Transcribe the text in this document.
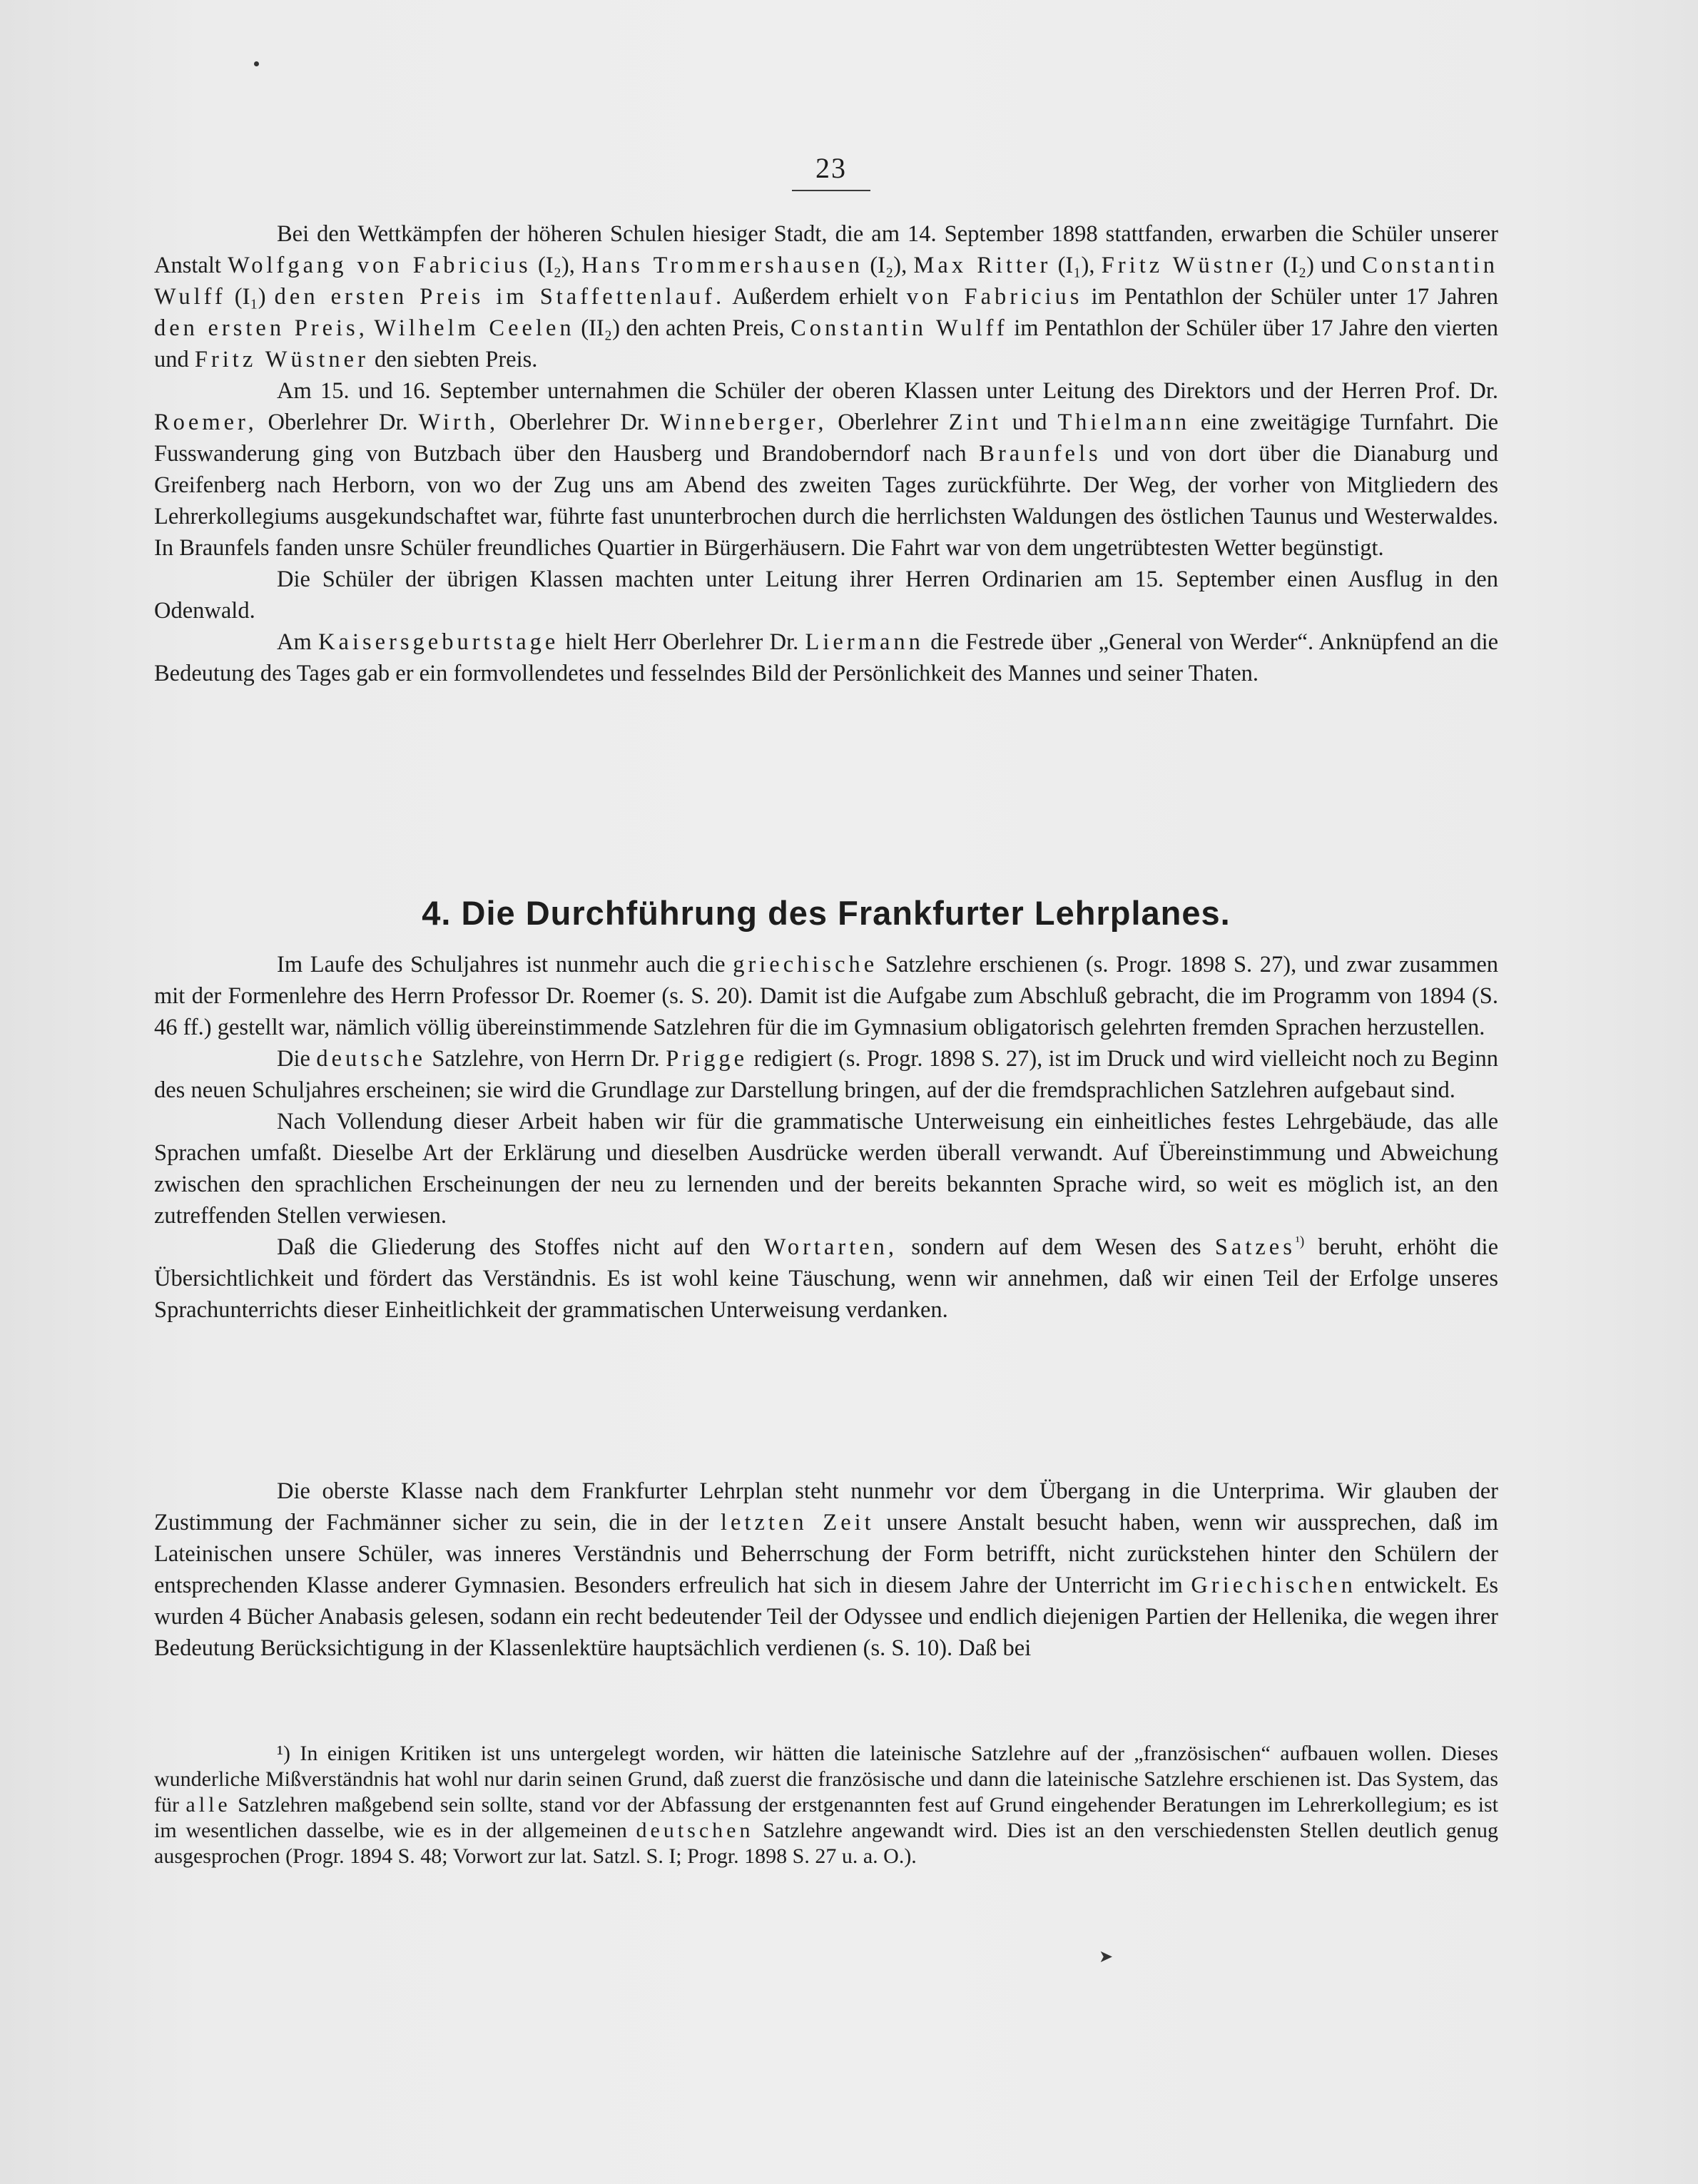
23

Bei den Wettkämpfen der höheren Schulen hiesiger Stadt, die am 14. September 1898 stattfanden, erwarben die Schüler unserer Anstalt Wolfgang von Fabricius (I₂), Hans Trommershausen (I₂), Max Ritter (I₁), Fritz Wüstner (I₂) und Constantin Wulff (I₁) den ersten Preis im Staffettenlauf. Außerdem erhielt von Fabricius im Pentathlon der Schüler unter 17 Jahren den ersten Preis, Wilhelm Ceelen (II₂) den achten Preis, Constantin Wulff im Pentathlon der Schüler über 17 Jahre den vierten und Fritz Wüstner den siebten Preis.

Am 15. und 16. September unternahmen die Schüler der oberen Klassen unter Leitung des Direktors und der Herren Prof. Dr. Roemer, Oberlehrer Dr. Wirth, Oberlehrer Dr. Winneberger, Oberlehrer Zint und Thielmann eine zweitägige Turnfahrt. Die Fusswanderung ging von Butzbach über den Hausberg und Brandoberndorf nach Braunfels und von dort über die Dianaburg und Greifenberg nach Herborn, von wo der Zug uns am Abend des zweiten Tages zurückführte. Der Weg, der vorher von Mitgliedern des Lehrerkollegiums ausgekundschaftet war, führte fast ununterbrochen durch die herrlichsten Waldungen des östlichen Taunus und Westerwaldes. In Braunfels fanden unsre Schüler freundliches Quartier in Bürgerhäusern. Die Fahrt war von dem ungetrübtesten Wetter begünstigt.

Die Schüler der übrigen Klassen machten unter Leitung ihrer Herren Ordinarien am 15. September einen Ausflug in den Odenwald.

Am Kaisersgeburtstage hielt Herr Oberlehrer Dr. Liermann die Festrede über „General von Werder“. Anknüpfend an die Bedeutung des Tages gab er ein formvollendetes und fesselndes Bild der Persönlichkeit des Mannes und seiner Thaten.

4. Die Durchführung des Frankfurter Lehrplanes.

Im Laufe des Schuljahres ist nunmehr auch die griechische Satzlehre erschienen (s. Progr. 1898 S. 27), und zwar zusammen mit der Formenlehre des Herrn Professor Dr. Roemer (s. S. 20). Damit ist die Aufgabe zum Abschluß gebracht, die im Programm von 1894 (S. 46 ff.) gestellt war, nämlich völlig übereinstimmende Satzlehren für die im Gymnasium obligatorisch gelehrten fremden Sprachen herzustellen.

Die deutsche Satzlehre, von Herrn Dr. Prigge redigiert (s. Progr. 1898 S. 27), ist im Druck und wird vielleicht noch zu Beginn des neuen Schuljahres erscheinen; sie wird die Grundlage zur Darstellung bringen, auf der die fremdsprachlichen Satzlehren aufgebaut sind.

Nach Vollendung dieser Arbeit haben wir für die grammatische Unterweisung ein einheitliches festes Lehrgebäude, das alle Sprachen umfaßt. Dieselbe Art der Erklärung und dieselben Ausdrücke werden überall verwandt. Auf Übereinstimmung und Abweichung zwischen den sprachlichen Erscheinungen der neu zu lernenden und der bereits bekannten Sprache wird, so weit es möglich ist, an den zutreffenden Stellen verwiesen.

Daß die Gliederung des Stoffes nicht auf den Wortarten, sondern auf dem Wesen des Satzes$^{^1)}$ beruht, erhöht die Übersichtlichkeit und fördert das Verständnis. Es ist wohl keine Täuschung, wenn wir annehmen, daß wir einen Teil der Erfolge unseres Sprachunterrichts dieser Einheitlichkeit der grammatischen Unterweisung verdanken.

Die oberste Klasse nach dem Frankfurter Lehrplan steht nunmehr vor dem Übergang in die Unterprima. Wir glauben der Zustimmung der Fachmänner sicher zu sein, die in der letzten Zeit unsere Anstalt besucht haben, wenn wir aussprechen, daß im Lateinischen unsere Schüler, was inneres Verständnis und Beherrschung der Form betrifft, nicht zurückstehen hinter den Schülern der entsprechenden Klasse anderer Gymnasien. Besonders erfreulich hat sich in diesem Jahre der Unterricht im Griechischen entwickelt. Es wurden 4 Bücher Anabasis gelesen, sodann ein recht bedeutender Teil der Odyssee und endlich diejenigen Partien der Hellenika, die wegen ihrer Bedeutung Berücksichtigung in der Klassenlektüre hauptsächlich verdienen (s. S. 10). Daß bei

¹) In einigen Kritiken ist uns untergelegt worden, wir hätten die lateinische Satzlehre auf der „französischen“ aufbauen wollen. Dieses wunderliche Mißverständnis hat wohl nur darin seinen Grund, daß zuerst die französische und dann die lateinische Satzlehre erschienen ist. Das System, das für alle Satzlehren maßgebend sein sollte, stand vor der Abfassung der erstgenannten fest auf Grund eingehender Beratungen im Lehrerkollegium; es ist im wesentlichen dasselbe, wie es in der allgemeinen deutschen Satzlehre angewandt wird. Dies ist an den verschiedensten Stellen deutlich genug ausgesprochen (Progr. 1894 S. 48; Vorwort zur lat. Satzl. S. I; Progr. 1898 S. 27 u. a. O.).

➤
